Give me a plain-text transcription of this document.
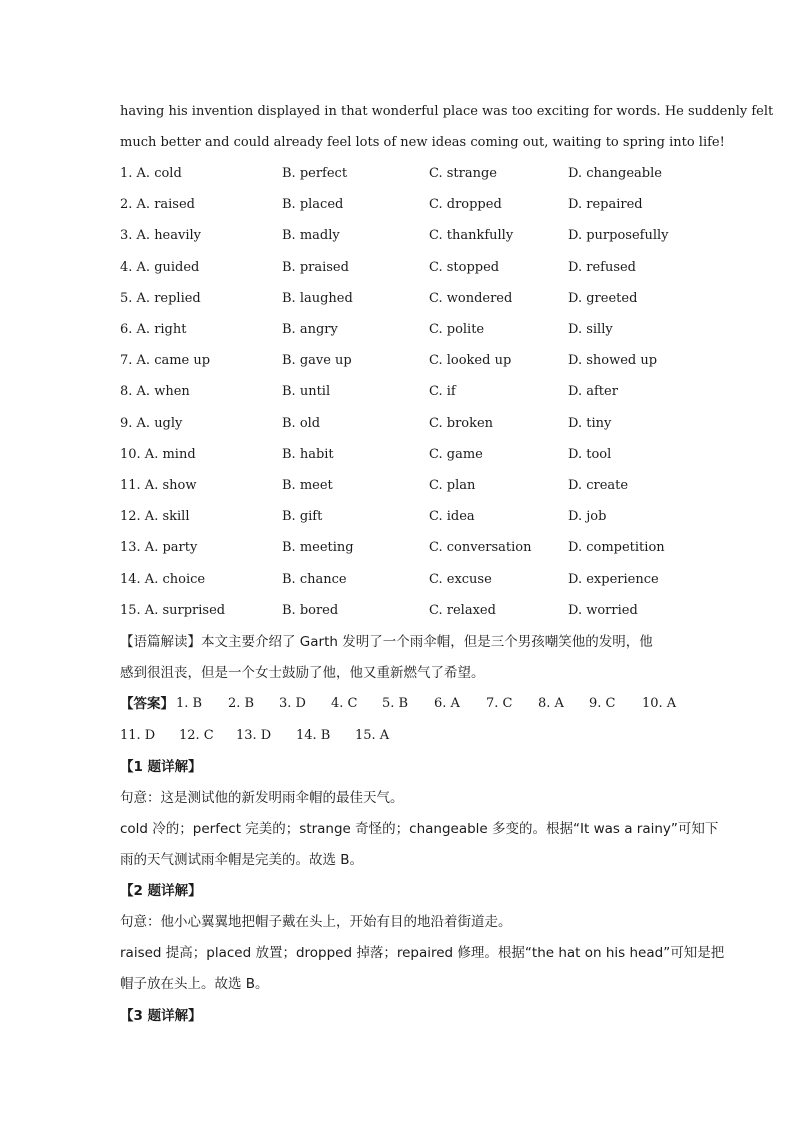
having his invention displayed in that wonderful place was too exciting for words. He suddenly felt
much better and could already feel lots of new ideas coming out, waiting to spring into life!
1. A. cold	B. perfect	C. strange	D. changeable
2. A. raised	B. placed	C. dropped	D. repaired
3. A. heavily	B. madly	C. thankfully	D. purposefully
4. A. guided	B. praised	C. stopped	D. refused
5. A. replied	B. laughed	C. wondered	D. greeted
6. A. right	B. angry	C. polite	D. silly
7. A. came up	B. gave up	C. looked up	D. showed up
8. A. when	B. until	C. if	D. after
9. A. ugly	B. old	C. broken	D. tiny
10. A. mind	B. habit	C. game	D. tool
11. A. show	B. meet	C. plan	D. create
12. A. skill	B. gift	C. idea	D. job
13. A. party	B. meeting	C. conversation	D. competition
14. A. choice	B. chance	C. excuse	D. experience
15. A. surprised	B. bored	C. relaxed	D. worried
【语篇解读】本文主要介绍了 Garth 发明了一个雨伞帽，但是三个男孩嘲笑他的发明，他
感到很沮丧，但是一个女士鼓励了他，他又重新燃气了希望。
【答案】 1. B 2. B 3. D 4. C 5. B 6. A 7. C 8. A 9. C 10. A
11. D 12. C 13. D 14. B 15. A
【1 题详解】
句意：这是测试他的新发明雨伞帽的最佳天气。
cold 冷的；perfect 完美的；strange 奇怪的；changeable 多变的。根据“It was a rainy”可知下
雨的天气测试雨伞帽是完美的。故选 B。
【2 题详解】
句意：他小心翼翼地把帽子戴在头上，开始有目的地沿着街道走。
raised 提高；placed 放置；dropped 掉落；repaired 修理。根据“the hat on his head”可知是把
帽子放在头上。故选 B。
【3 题详解】
